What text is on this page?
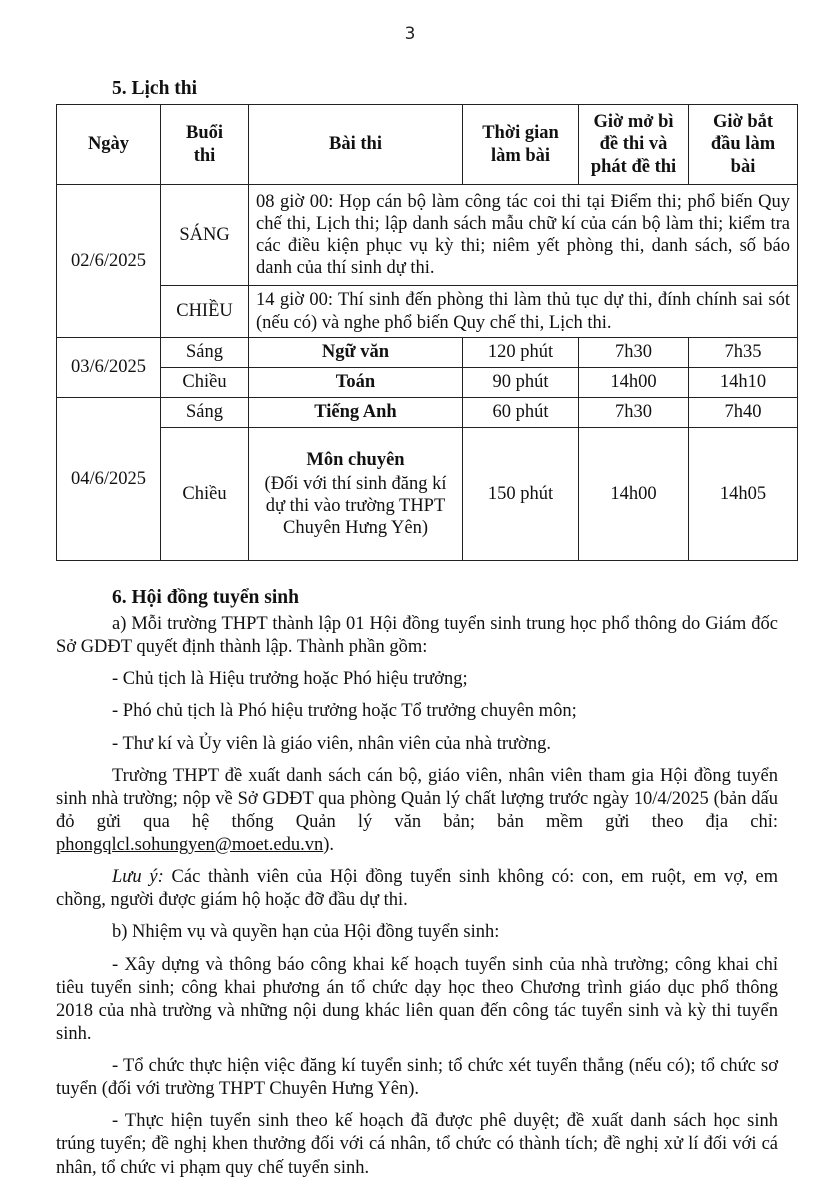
3
5. Lịch thi
Ngày	Buổi thi	Bài thi	Thời gian làm bài	Giờ mở bì đề thi và phát đề thi	Giờ bắt đầu làm bài
02/6/2025	SÁNG	08 giờ 00: Họp cán bộ làm công tác coi thi tại Điểm thi; phổ biến Quy chế thi, Lịch thi; lập danh sách mẫu chữ kí của cán bộ làm thi; kiểm tra các điều kiện phục vụ kỳ thi; niêm yết phòng thi, danh sách, số báo danh của thí sinh dự thi.			

	CHIỀU	14 giờ 00: Thí sinh đến phòng thi làm thủ tục dự thi, đính chính sai sót (nếu có) và nghe phổ biến Quy chế thi, Lịch thi.			

03/6/2025	Sáng	Ngữ văn	120 phút	7h30	7h35
	Chiều	Toán	90 phút	14h00	14h10
04/6/2025	Sáng	Tiếng Anh	60 phút	7h30	7h40
	Chiều	Môn chuyên
(Đối với thí sinh đăng kí dự thi vào trường THPT Chuyên Hưng Yên)	150 phút	14h00	14h05
6. Hội đồng tuyển sinh

a) Mỗi trường THPT thành lập 01 Hội đồng tuyển sinh trung học phổ thông do Giám đốc Sở GDĐT quyết định thành lập. Thành phần gồm:

- Chủ tịch là Hiệu trưởng hoặc Phó hiệu trưởng;

- Phó chủ tịch là Phó hiệu trưởng hoặc Tổ trưởng chuyên môn;

- Thư kí và Ủy viên là giáo viên, nhân viên của nhà trường.

Trường THPT đề xuất danh sách cán bộ, giáo viên, nhân viên tham gia Hội đồng tuyển sinh nhà trường; nộp về Sở GDĐT qua phòng Quản lý chất lượng trước ngày 10/4/2025 (bản dấu đỏ gửi qua hệ thống Quản lý văn bản; bản mềm gửi theo địa chỉ: phongqlcl.sohungyen@moet.edu.vn).

Lưu ý: Các thành viên của Hội đồng tuyển sinh không có: con, em ruột, em vợ, em chồng, người được giám hộ hoặc đỡ đầu dự thi.

b) Nhiệm vụ và quyền hạn của Hội đồng tuyển sinh:

- Xây dựng và thông báo công khai kế hoạch tuyển sinh của nhà trường; công khai chỉ tiêu tuyển sinh; công khai phương án tổ chức dạy học theo Chương trình giáo dục phổ thông 2018 của nhà trường và những nội dung khác liên quan đến công tác tuyển sinh và kỳ thi tuyển sinh.

- Tổ chức thực hiện việc đăng kí tuyển sinh; tổ chức xét tuyển thẳng (nếu có); tổ chức sơ tuyển (đối với trường THPT Chuyên Hưng Yên).

- Thực hiện tuyển sinh theo kế hoạch đã được phê duyệt; đề xuất danh sách học sinh trúng tuyển; đề nghị khen thưởng đối với cá nhân, tổ chức có thành tích; đề nghị xử lí đối với cá nhân, tổ chức vi phạm quy chế tuyển sinh.
